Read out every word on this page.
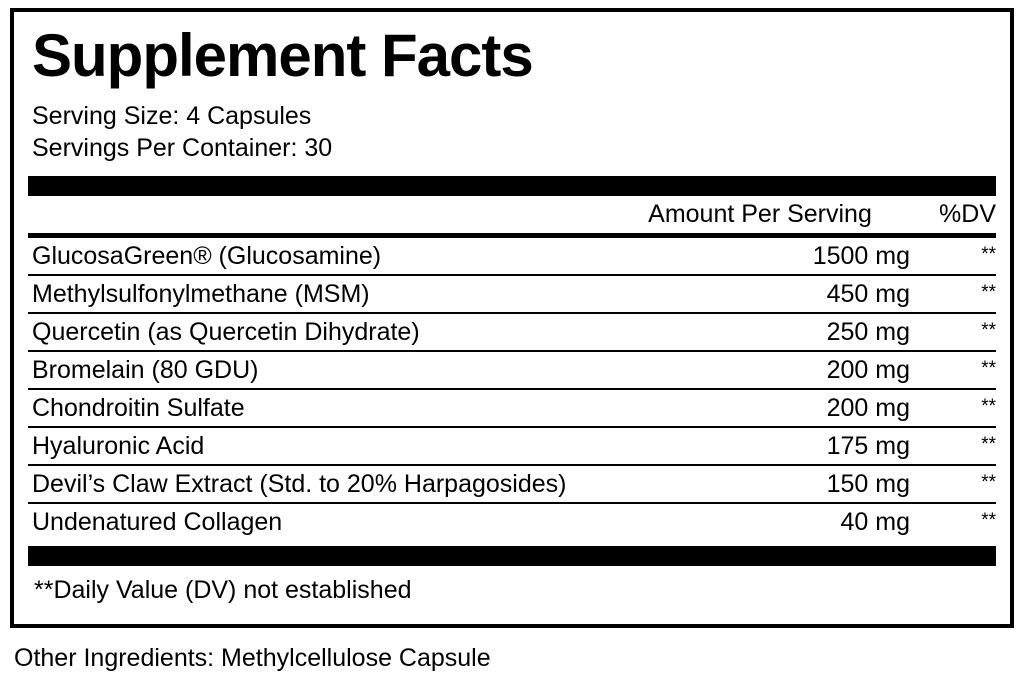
Supplement Facts
Serving Size: 4 Capsules
Servings Per Container: 30
Amount Per Serving	%DV
GlucosaGreen® (Glucosamine)	1500 mg	**
Methylsulfonylmethane (MSM)	450 mg	**
Quercetin (as Quercetin Dihydrate)	250 mg	**
Bromelain (80 GDU)	200 mg	**
Chondroitin Sulfate	200 mg	**
Hyaluronic Acid	175 mg	**
Devil’s Claw Extract (Std. to 20% Harpagosides)	150 mg	**
Undenatured Collagen	40 mg	**
**Daily Value (DV) not established
Other Ingredients: Methylcellulose Capsule
